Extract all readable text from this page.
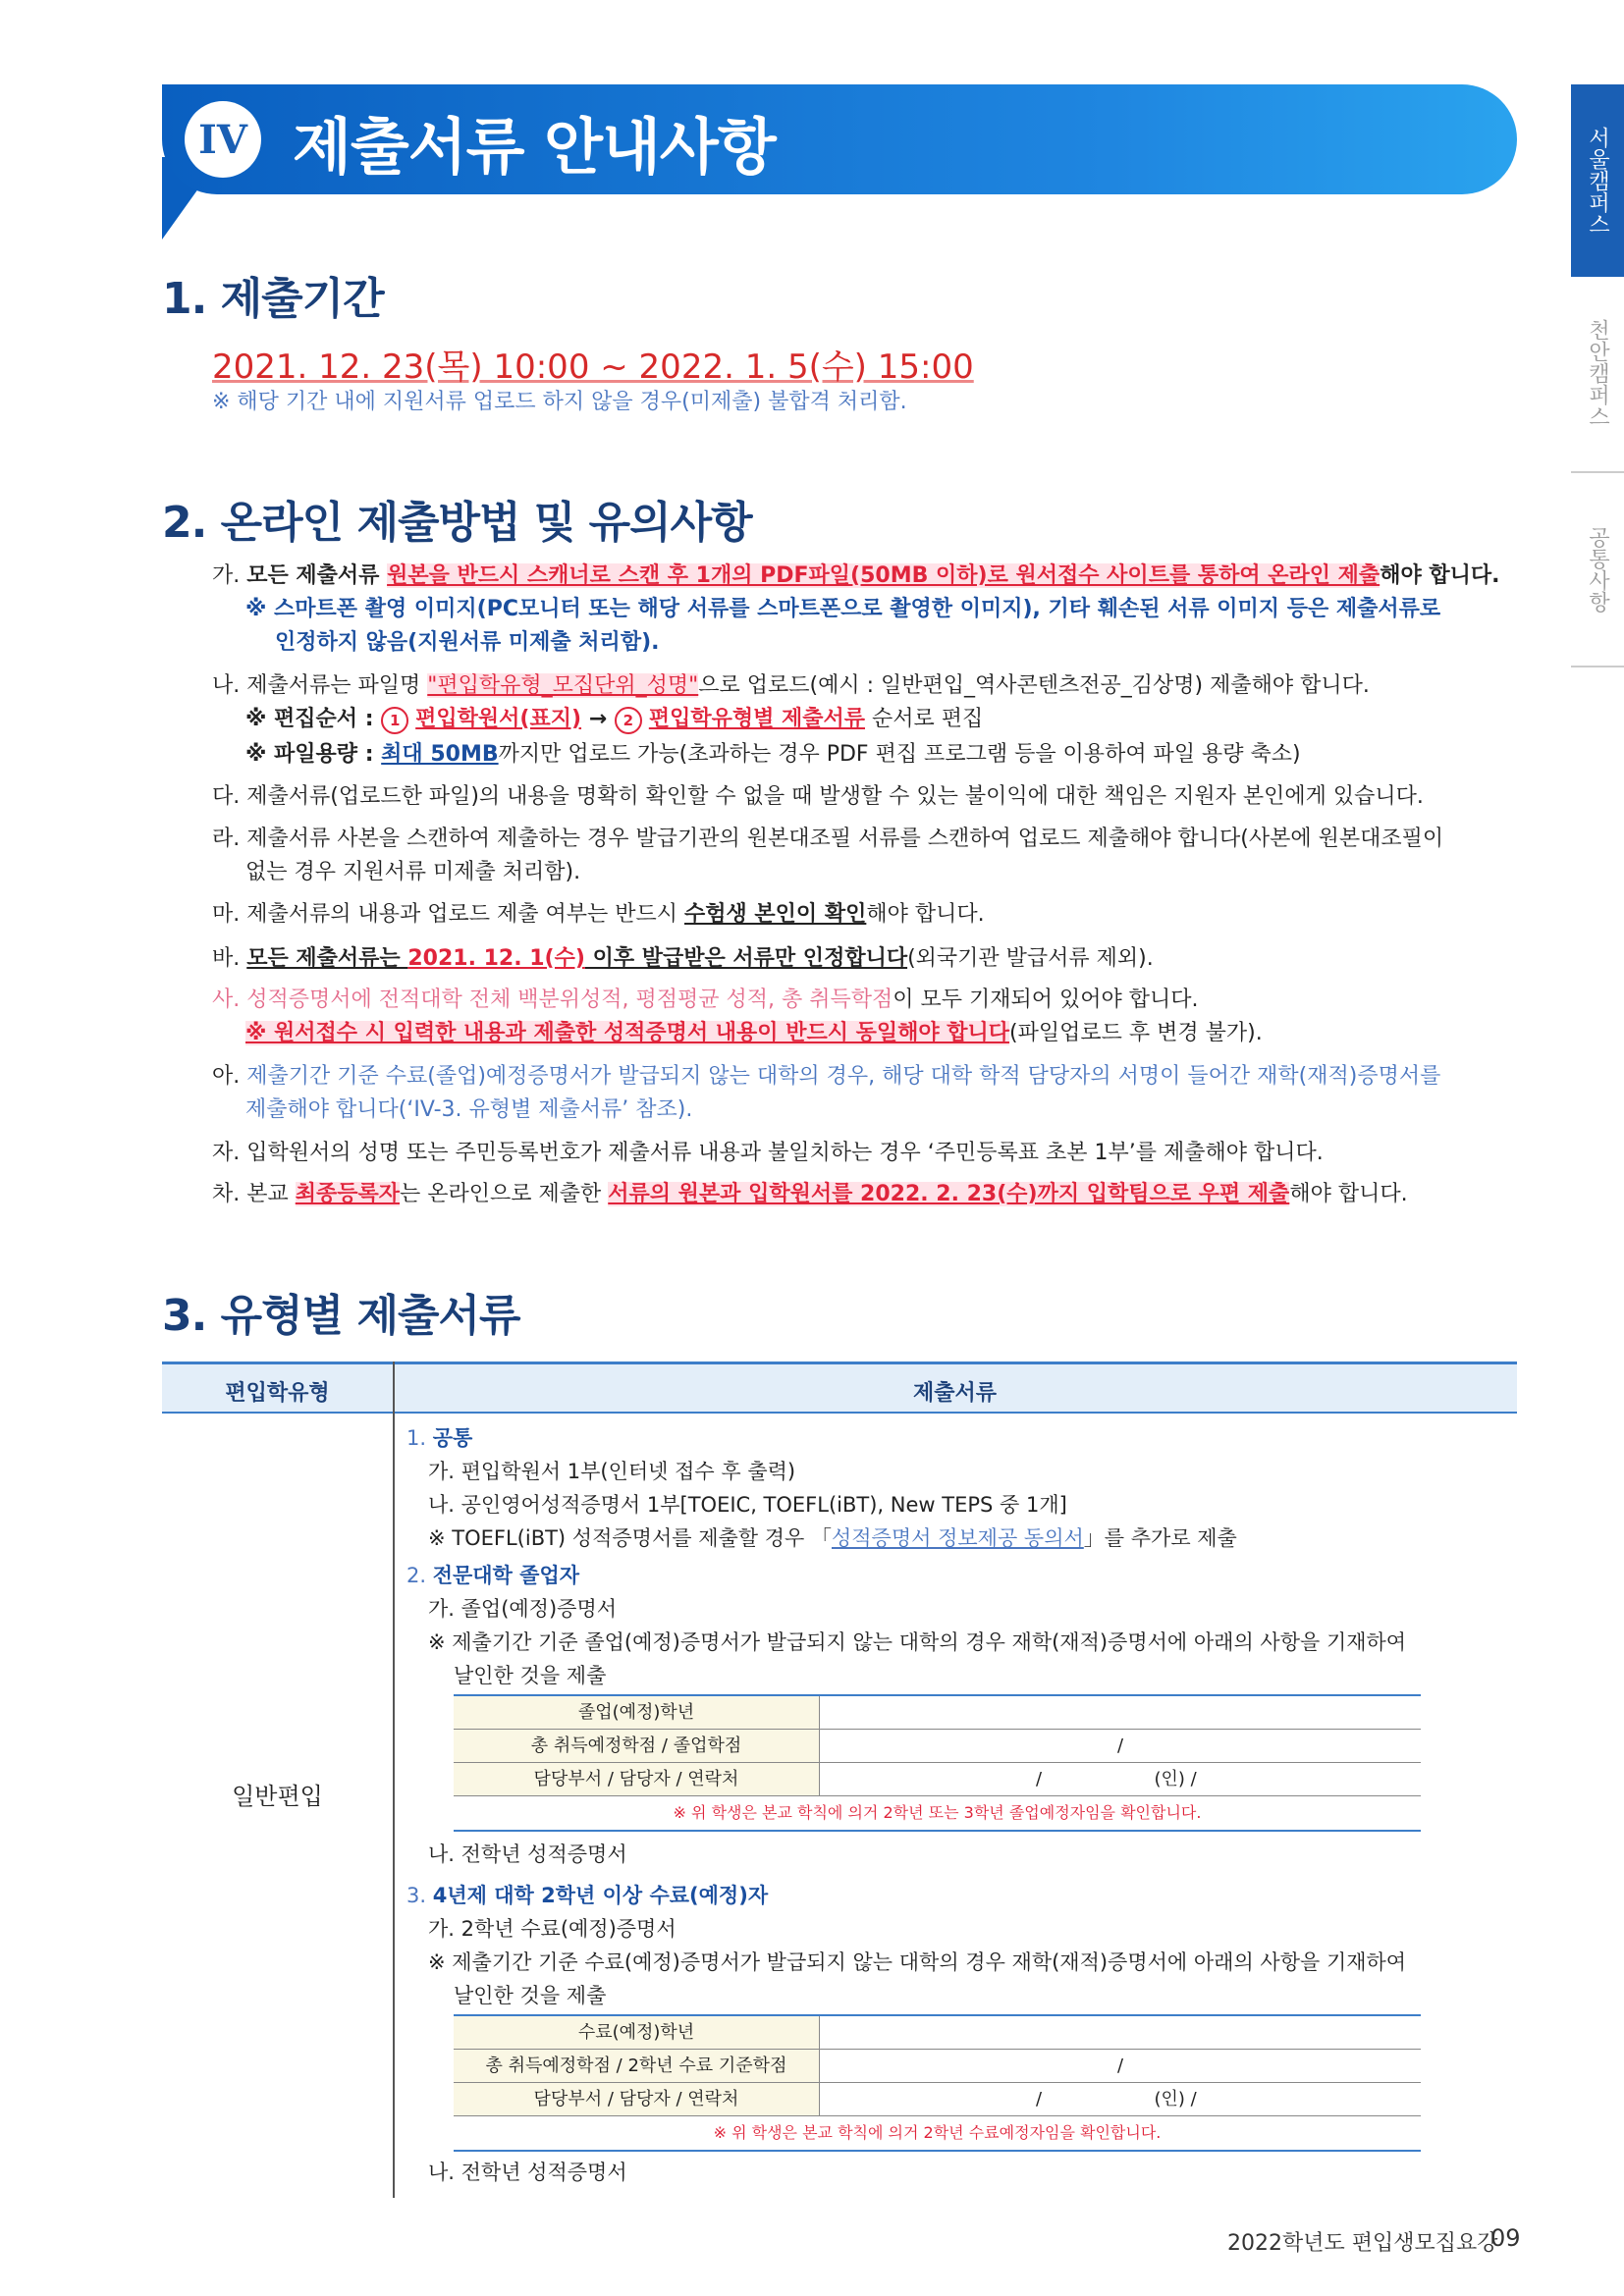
IV 제출서류 안내사항	서울캠퍼스
천안캠퍼스
공통사항
1. 제출기간
2021. 12. 23(목) 10:00 ~ 2022. 1. 5(수) 15:00
※ 해당 기간 내에 지원서류 업로드 하지 않을 경우(미제출) 불합격 처리함.
2. 온라인 제출방법 및 유의사항
가. 모든 제출서류 원본을 반드시 스캐너로 스캔 후 1개의 PDF파일(50MB 이하)로 원서접수 사이트를 통하여 온라인 제출해야 합니다.
※ 스마트폰 촬영 이미지(PC모니터 또는 해당 서류를 스마트폰으로 촬영한 이미지), 기타 훼손된 서류 이미지 등은 제출서류로
인정하지 않음(지원서류 미제출 처리함).
나. 제출서류는 파일명 "편입학유형_모집단위_성명"으로 업로드(예시 : 일반편입_역사콘텐츠전공_김상명) 제출해야 합니다.
※ 편집순서 : 1 편입학원서(표지) → 2 편입학유형별 제출서류 순서로 편집
※ 파일용량 : 최대 50MB까지만 업로드 가능(초과하는 경우 PDF 편집 프로그램 등을 이용하여 파일 용량 축소)
다. 제출서류(업로드한 파일)의 내용을 명확히 확인할 수 없을 때 발생할 수 있는 불이익에 대한 책임은 지원자 본인에게 있습니다.
라. 제출서류 사본을 스캔하여 제출하는 경우 발급기관의 원본대조필 서류를 스캔하여 업로드 제출해야 합니다(사본에 원본대조필이
없는 경우 지원서류 미제출 처리함).
마. 제출서류의 내용과 업로드 제출 여부는 반드시 수험생 본인이 확인해야 합니다.
바. 모든 제출서류는 2021. 12. 1(수) 이후 발급받은 서류만 인정합니다(외국기관 발급서류 제외).
사. 성적증명서에 전적대학 전체 백분위성적, 평점평균 성적, 총 취득학점이 모두 기재되어 있어야 합니다.
※ 원서접수 시 입력한 내용과 제출한 성적증명서 내용이 반드시 동일해야 합니다(파일업로드 후 변경 불가).
아. 제출기간 기준 수료(졸업)예정증명서가 발급되지 않는 대학의 경우, 해당 대학 학적 담당자의 서명이 들어간 재학(재적)증명서를
제출해야 합니다(‘IV-3. 유형별 제출서류’ 참조).
자. 입학원서의 성명 또는 주민등록번호가 제출서류 내용과 불일치하는 경우 ‘주민등록표 초본 1부’를 제출해야 합니다.
차. 본교 최종등록자는 온라인으로 제출한 서류의 원본과 입학원서를 2022. 2. 23(수)까지 입학팀으로 우편 제출해야 합니다.
3. 유형별 제출서류
편입학유형	제출서류
일반편입
1. 공통
가. 편입학원서 1부(인터넷 접수 후 출력)
나. 공인영어성적증명서 1부[TOEIC, TOEFL(iBT), New TEPS 중 1개]
※ TOEFL(iBT) 성적증명서를 제출할 경우 「성적증명서 정보제공 동의서」를 추가로 제출
2. 전문대학 졸업자
가. 졸업(예정)증명서
※ 제출기간 기준 졸업(예정)증명서가 발급되지 않는 대학의 경우 재학(재적)증명서에 아래의 사항을 기재하여
날인한 것을 제출
졸업(예정)학년
총 취득예정학점 / 졸업학점	/
담당부서 / 담당자 / 연락처	/                    (인) /
※ 위 학생은 본교 학칙에 의거 2학년 또는 3학년 졸업예정자임을 확인합니다.
나. 전학년 성적증명서
3. 4년제 대학 2학년 이상 수료(예정)자
가. 2학년 수료(예정)증명서
※ 제출기간 기준 수료(예정)증명서가 발급되지 않는 대학의 경우 재학(재적)증명서에 아래의 사항을 기재하여
날인한 것을 제출
수료(예정)학년
총 취득예정학점 / 2학년 수료 기준학점	/
담당부서 / 담당자 / 연락처	/                    (인) /
※ 위 학생은 본교 학칙에 의거 2학년 수료예정자임을 확인합니다.
나. 전학년 성적증명서
2022학년도 편입생모집요강
09
